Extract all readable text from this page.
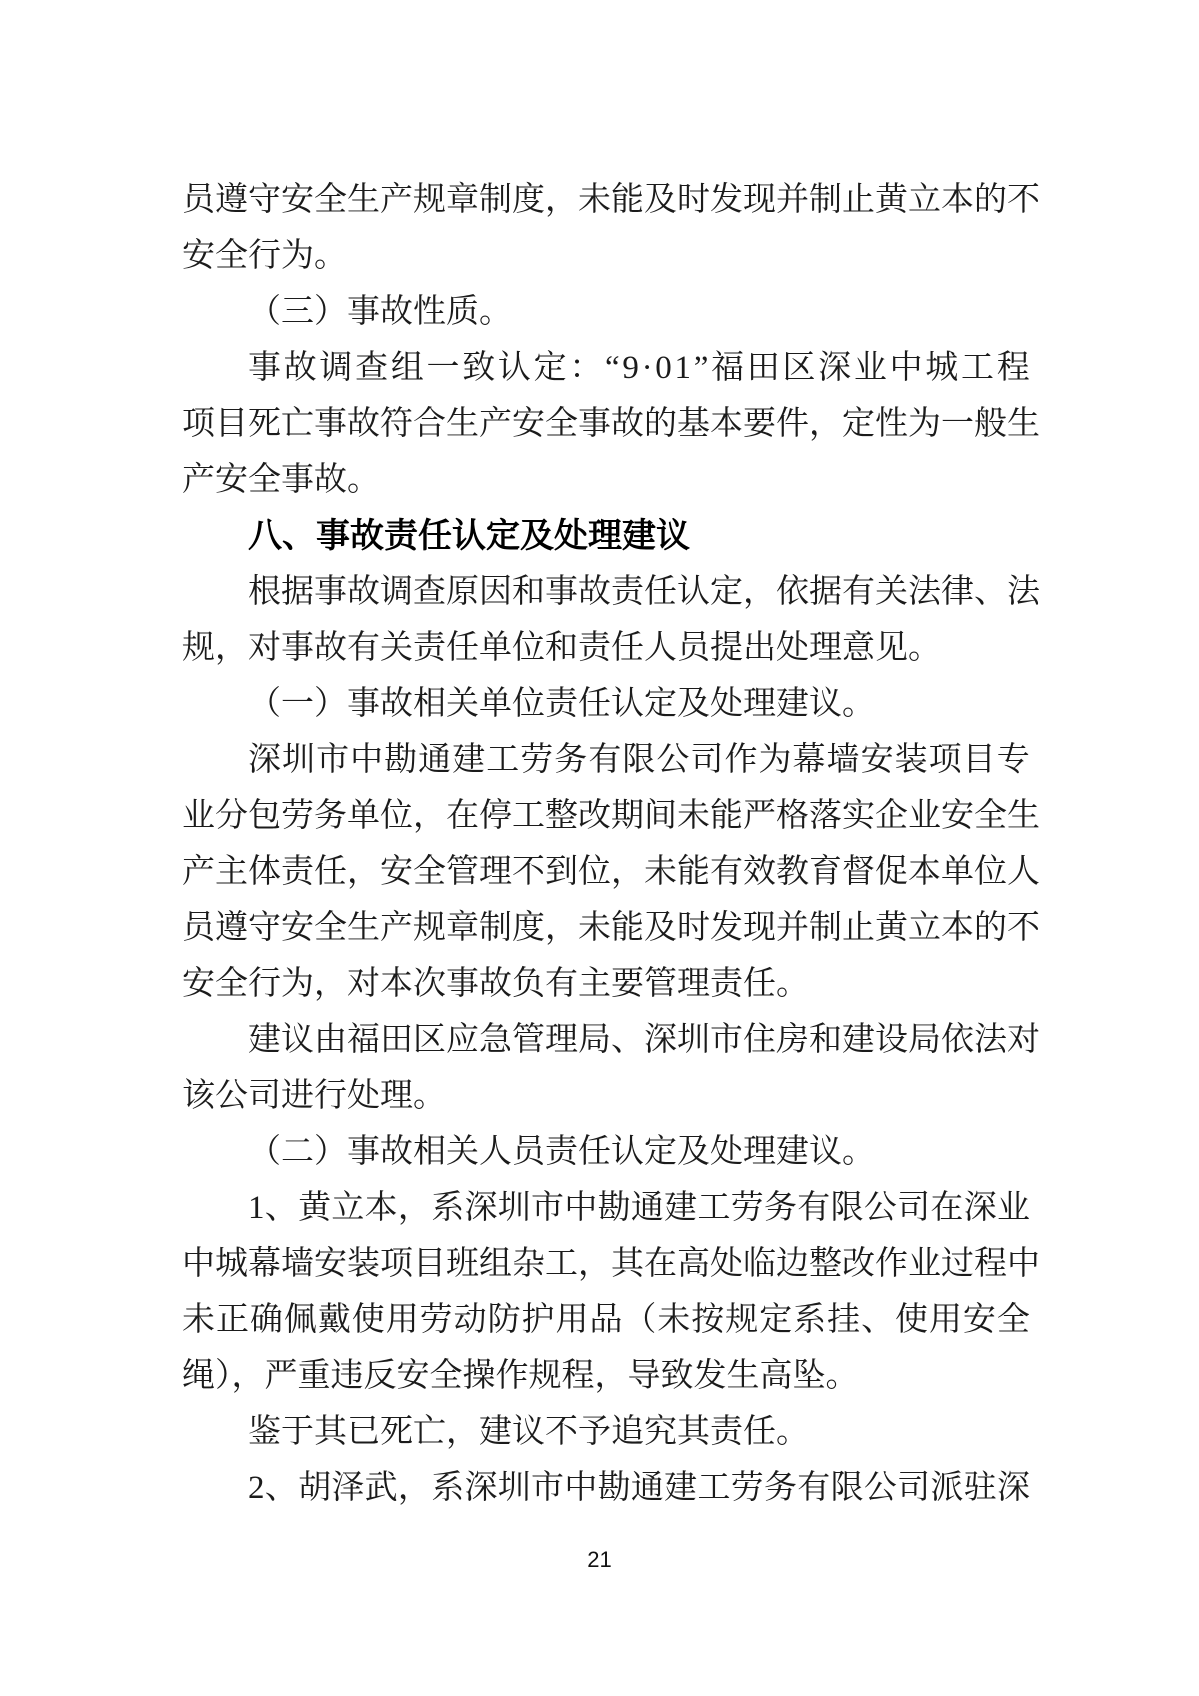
员 遵 守 安 全 生 产 规 章 制 度 ， 未 能 及 时 发 现 并 制 止 黄 立 本 的 不
安全行为。
（三）事故性质。
事 故 调 查 组 一 致 认 定 ： “ 9 · 0 1 ” 福 田 区 深 业 中 城 工 程
项 目 死 亡 事 故 符 合 生 产 安 全 事 故 的 基 本 要 件 ， 定 性 为 一 般 生
产安全事故。
八、事故责任认定及处理建议
根 据 事 故 调 查 原 因 和 事 故 责 任 认 定 ， 依 据 有 关 法 律 、 法
规，对事故有关责任单位和责任人员提出处理意见。
（一）事故相关单位责任认定及处理建议。
深 圳 市 中 勘 通 建 工 劳 务 有 限 公 司 作 为 幕 墙 安 装 项 目 专
业 分 包 劳 务 单 位 ， 在 停 工 整 改 期 间 未 能 严 格 落 实 企 业 安 全 生
产 主 体 责 任 ， 安 全 管 理 不 到 位 ， 未 能 有 效 教 育 督 促 本 单 位 人
员 遵 守 安 全 生 产 规 章 制 度 ， 未 能 及 时 发 现 并 制 止 黄 立 本 的 不
安全行为，对本次事故负有主要管理责任。
建 议 由 福 田 区 应 急 管 理 局 、 深 圳 市 住 房 和 建 设 局 依 法 对
该公司进行处理。
（二）事故相关人员责任认定及处理建议。
1 、 黄 立 本 ， 系 深 圳 市 中 勘 通 建 工 劳 务 有 限 公 司 在 深 业
中 城 幕 墙 安 装 项 目 班 组 杂 工 ， 其 在 高 处 临 边 整 改 作 业 过 程 中
未 正 确 佩 戴 使 用 劳 动 防 护 用 品 （ 未 按 规 定 系 挂 、 使 用 安 全
绳），严重违反安全操作规程，导致发生高坠。
鉴于其已死亡，建议不予追究其责任。
2 、 胡 泽 武 ， 系 深 圳 市 中 勘 通 建 工 劳 务 有 限 公 司 派 驻 深
21
